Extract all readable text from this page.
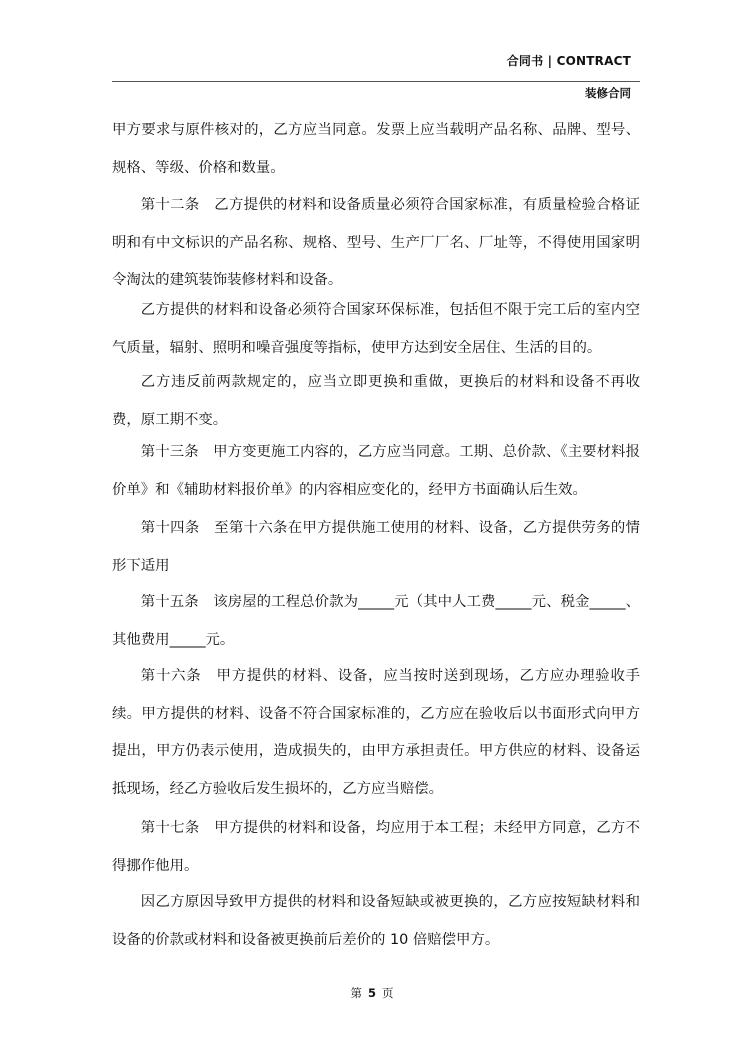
合同书 | CONTRACT
装修合同

甲方要求与原件核对的，乙方应当同意。发票上应当载明产品名称、品牌、型号、规格、等级、价格和数量。

第十二条　乙方提供的材料和设备质量必须符合国家标准，有质量检验合格证明和有中文标识的产品名称、规格、型号、生产厂厂名、厂址等，不得使用国家明令淘汰的建筑装饰装修材料和设备。

乙方提供的材料和设备必须符合国家环保标准，包括但不限于完工后的室内空气质量，辐射、照明和噪音强度等指标，使甲方达到安全居住、生活的目的。

乙方违反前两款规定的，应当立即更换和重做，更换后的材料和设备不再收费，原工期不变。

第十三条　甲方变更施工内容的，乙方应当同意。工期、总价款、《主要材料报价单》和《辅助材料报价单》的内容相应变化的，经甲方书面确认后生效。

第十四条　至第十六条在甲方提供施工使用的材料、设备，乙方提供劳务的情形下适用

第十五条　该房屋的工程总价款为_____元（其中人工费_____元、税金_____、其他费用_____元。

第十六条　甲方提供的材料、设备，应当按时送到现场，乙方应办理验收手续。甲方提供的材料、设备不符合国家标准的，乙方应在验收后以书面形式向甲方提出，甲方仍表示使用，造成损失的，由甲方承担责任。甲方供应的材料、设备运抵现场，经乙方验收后发生损坏的，乙方应当赔偿。

第十七条　甲方提供的材料和设备，均应用于本工程；未经甲方同意，乙方不得挪作他用。

因乙方原因导致甲方提供的材料和设备短缺或被更换的，乙方应按短缺材料和设备的价款或材料和设备被更换前后差价的 10 倍赔偿甲方。

第 5 页
